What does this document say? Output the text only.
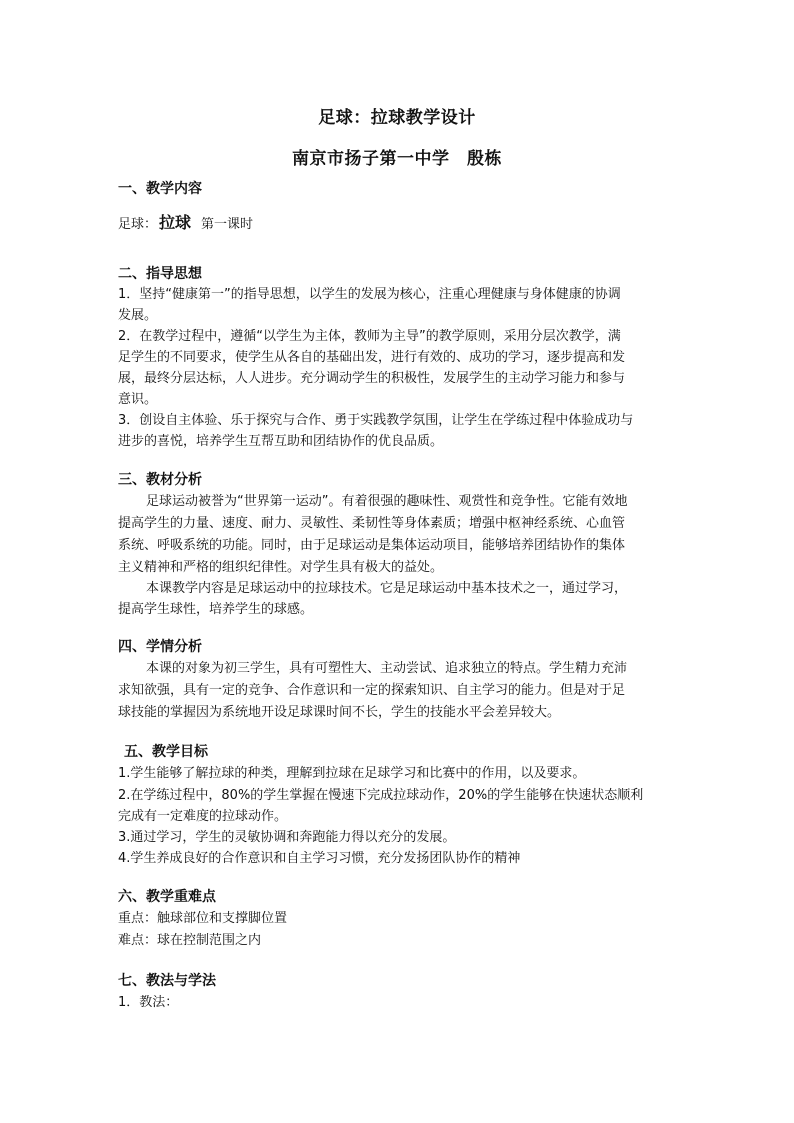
足球：拉球教学设计
南京市扬子第一中学　殷栋
一、教学内容
足球： 拉球 第一课时
二、指导思想
1．坚持“健康第一”的指导思想，以学生的发展为核心，注重心理健康与身体健康的协调
发展。
2．在教学过程中，遵循“以学生为主体，教师为主导”的教学原则，采用分层次教学，满
足学生的不同要求，使学生从各自的基础出发，进行有效的、成功的学习，逐步提高和发
展，最终分层达标，人人进步。充分调动学生的积极性，发展学生的主动学习能力和参与
意识。
3．创设自主体验、乐于探究与合作、勇于实践教学氛围，让学生在学练过程中体验成功与
进步的喜悦，培养学生互帮互助和团结协作的优良品质。
三、教材分析
足球运动被誉为“世界第一运动”。有着很强的趣味性、观赏性和竞争性。它能有效地
提高学生的力量、速度、耐力、灵敏性、柔韧性等身体素质；增强中枢神经系统、心血管
系统、呼吸系统的功能。同时，由于足球运动是集体运动项目，能够培养团结协作的集体
主义精神和严格的组织纪律性。对学生具有极大的益处。
本课教学内容是足球运动中的拉球技术。它是足球运动中基本技术之一，通过学习，
提高学生球性，培养学生的球感。
四、学情分析
本课的对象为初三学生，具有可塑性大、主动尝试、追求独立的特点。学生精力充沛
求知欲强，具有一定的竞争、合作意识和一定的探索知识、自主学习的能力。但是对于足
球技能的掌握因为系统地开设足球课时间不长，学生的技能水平会差异较大。
五、教学目标
1.学生能够了解拉球的种类，理解到拉球在足球学习和比赛中的作用，以及要求。
2.在学练过程中，80%的学生掌握在慢速下完成拉球动作，20%的学生能够在快速状态顺利
完成有一定难度的拉球动作。
3.通过学习，学生的灵敏协调和奔跑能力得以充分的发展。
4.学生养成良好的合作意识和自主学习习惯，充分发扬团队协作的精神
六、教学重难点
重点：触球部位和支撑脚位置
难点：球在控制范围之内
七、教法与学法
1．教法：
